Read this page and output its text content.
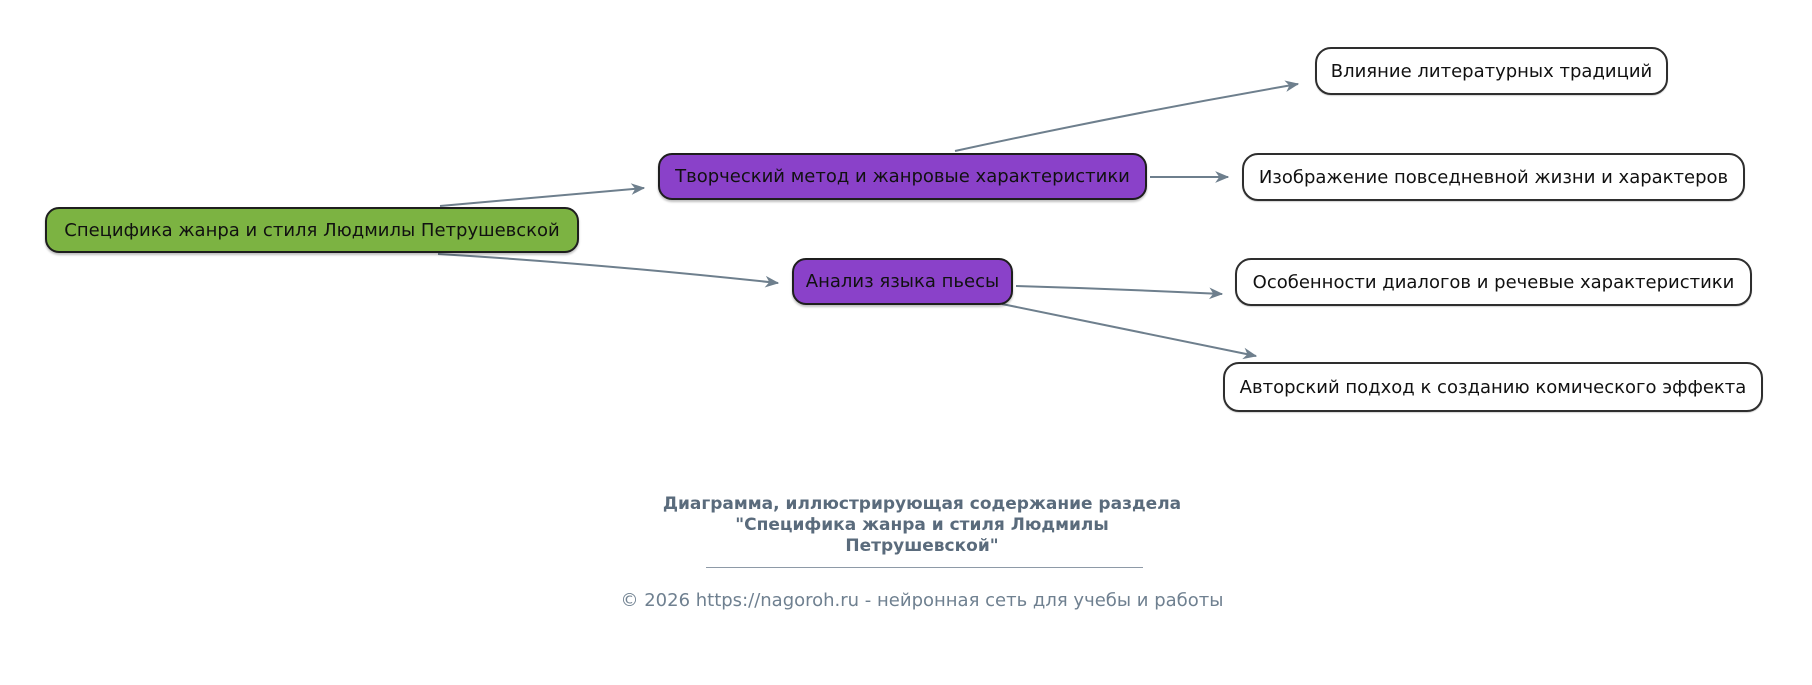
Специфика жанра и стиля Людмилы Петрушевской
Творческий метод и жанровые характеристики
Анализ языка пьесы
Влияние литературных традиций
Изображение повседневной жизни и характеров
Особенности диалогов и речевые характеристики
Авторский подход к созданию комического эффекта
Диаграмма, иллюстрирующая содержание раздела
"Специфика жанра и стиля Людмилы
Петрушевской"
© 2026 https://nagoroh.ru - нейронная сеть для учебы и работы
